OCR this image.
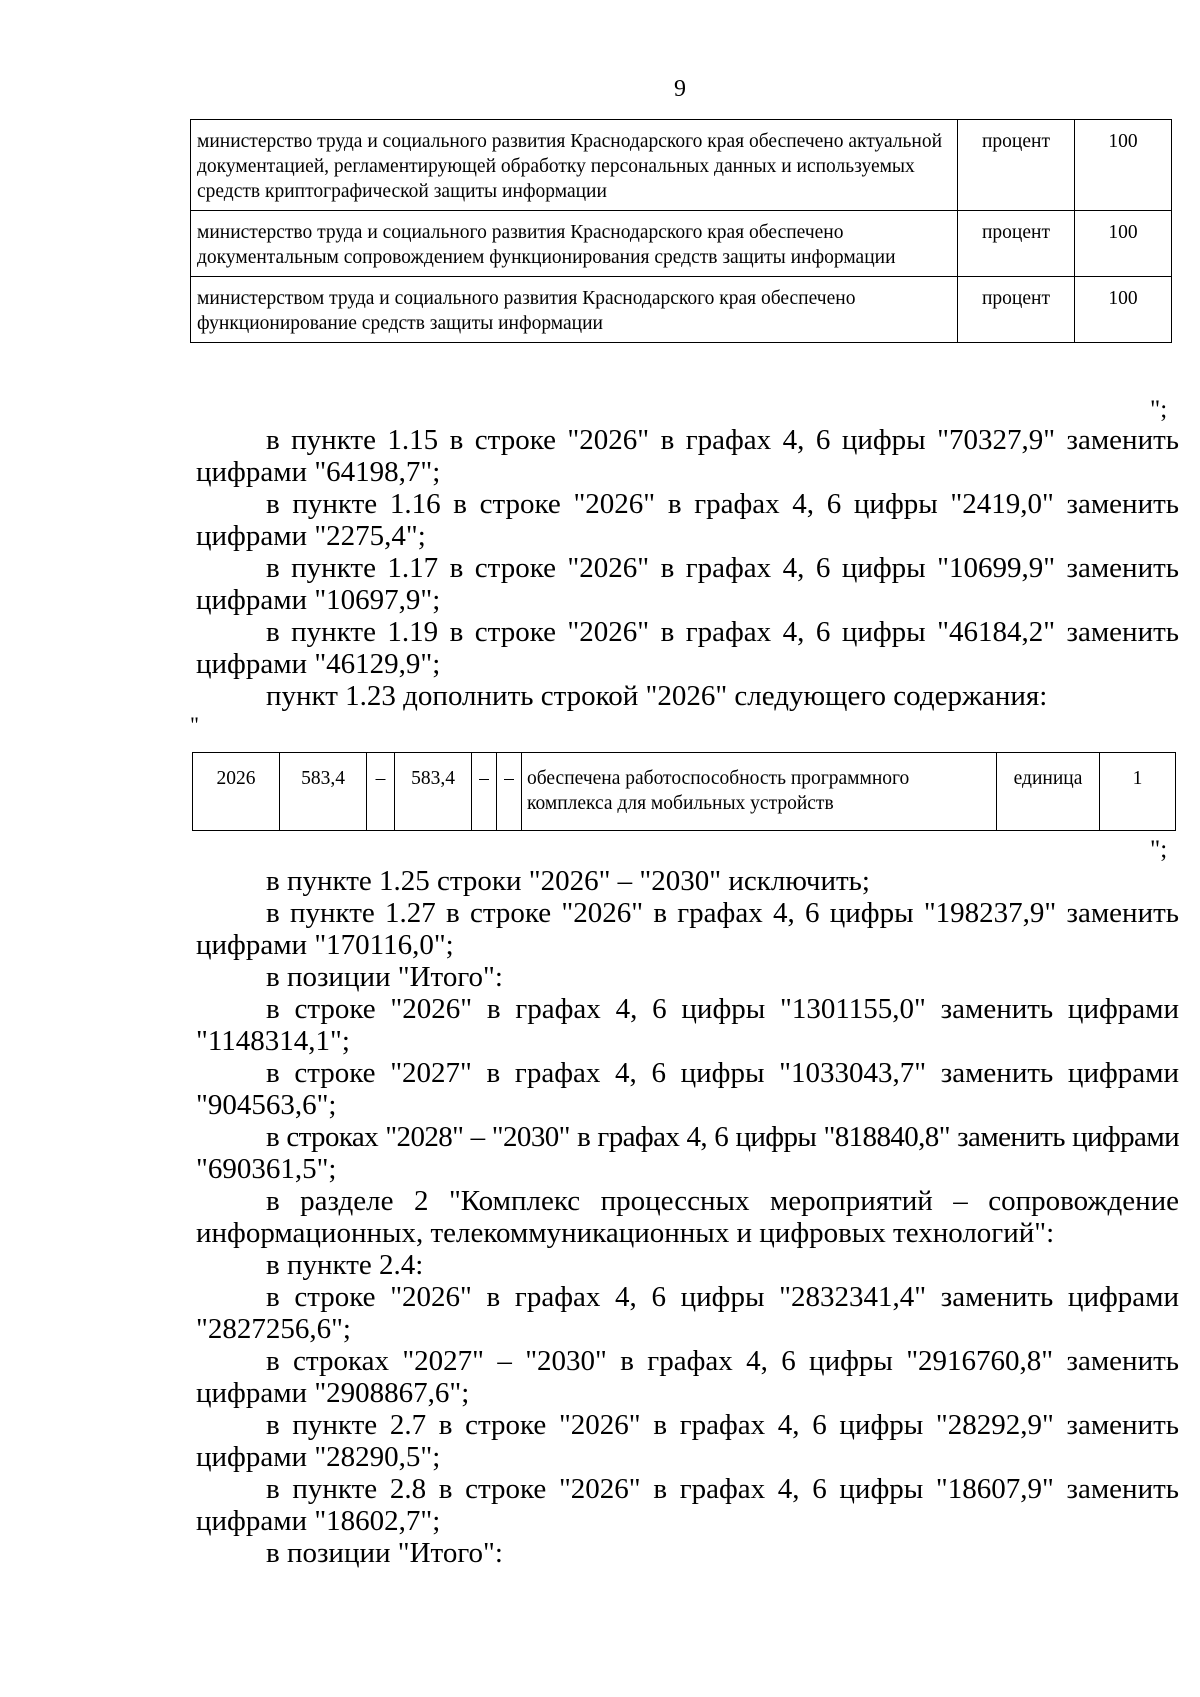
9
министерство труда и социального развития Краснодарского края обеспечено актуальной документацией, регламентирующей обработку персональных данных и используемых средств криптографической защиты информации	процент	100
министерство труда и социального развития Краснодарского края обеспечено документальным сопровождением функционирования средств защиты информации	процент	100
министерством труда и социального развития Краснодарского края обеспечено функционирование средств защиты информации	процент	100
";
в пункте 1.15 в строке "2026" в графах 4, 6 цифры "70327,9" заменить
цифрами "64198,7";
в пункте 1.16 в строке "2026" в графах 4, 6 цифры "2419,0" заменить
цифрами "2275,4";
в пункте 1.17 в строке "2026" в графах 4, 6 цифры "10699,9" заменить
цифрами "10697,9";
в пункте 1.19 в строке "2026" в графах 4, 6 цифры "46184,2" заменить
цифрами "46129,9";
пункт 1.23 дополнить строкой "2026" следующего содержания:
"
2026	583,4	–	583,4	–	–	обеспечена работоспособность программного комплекса для мобильных устройств	единица	1
";
в пункте 1.25 строки "2026" – "2030" исключить;
в пункте 1.27 в строке "2026" в графах 4, 6 цифры "198237,9" заменить
цифрами "170116,0";
в позиции "Итого":
в строке "2026" в графах 4, 6 цифры "1301155,0" заменить цифрами
"1148314,1";
в строке "2027" в графах 4, 6 цифры "1033043,7" заменить цифрами
"904563,6";
в строках "2028" – "2030" в графах 4, 6 цифры "818840,8" заменить цифрами
"690361,5";
в разделе 2 "Комплекс процессных мероприятий – сопровождение
информационных, телекоммуникационных и цифровых технологий":
в пункте 2.4:
в строке "2026" в графах 4, 6 цифры "2832341,4" заменить цифрами
"2827256,6";
в строках "2027" – "2030" в графах 4, 6 цифры "2916760,8" заменить
цифрами "2908867,6";
в пункте 2.7 в строке "2026" в графах 4, 6 цифры "28292,9" заменить
цифрами "28290,5";
в пункте 2.8 в строке "2026" в графах 4, 6 цифры "18607,9" заменить
цифрами "18602,7";
в позиции "Итого":
